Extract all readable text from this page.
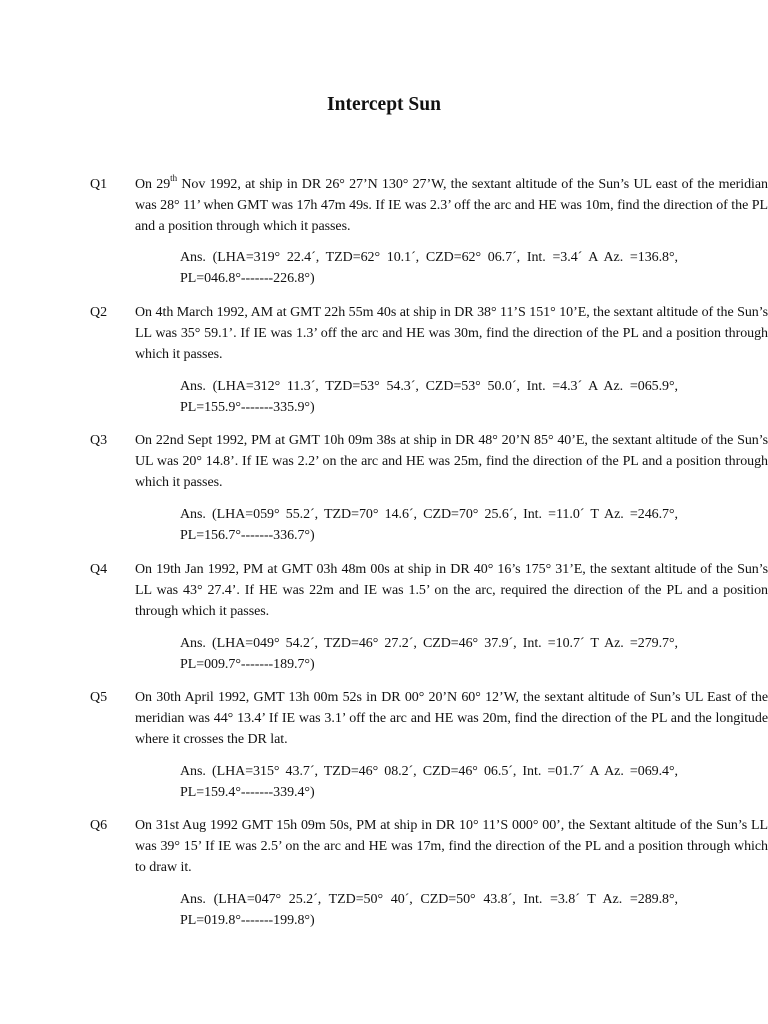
Intercept Sun
Q1 On 29th Nov 1992, at ship in DR 26° 27’N 130° 27’W, the sextant altitude of the Sun’s UL east of the meridian was 28° 11’ when GMT was 17h 47m 49s. If IE was 2.3’ off the arc and HE was 10m, find the direction of the PL and a position through which it passes.
Ans. (LHA=319° 22.4´, TZD=62° 10.1´, CZD=62° 06.7´, Int. =3.4´ A Az. =136.8°, PL=046.8°-------226.8°)
Q2 On 4th March 1992, AM at GMT 22h 55m 40s at ship in DR 38° 11’S 151° 10’E, the sextant altitude of the Sun’s LL was 35° 59.1’. If IE was 1.3’ off the arc and HE was 30m, find the direction of the PL and a position through which it passes.
Ans. (LHA=312° 11.3´, TZD=53° 54.3´, CZD=53° 50.0´, Int. =4.3´ A Az. =065.9°, PL=155.9°-------335.9°)
Q3 On 22nd Sept 1992, PM at GMT 10h 09m 38s at ship in DR 48° 20’N 85° 40’E, the sextant altitude of the Sun’s UL was 20° 14.8’. If IE was 2.2’ on the arc and HE was 25m, find the direction of the PL and a position through which it passes.
Ans. (LHA=059° 55.2´, TZD=70° 14.6´, CZD=70° 25.6´, Int. =11.0´ T Az. =246.7°, PL=156.7°-------336.7°)
Q4 On 19th Jan 1992, PM at GMT 03h 48m 00s at ship in DR 40° 16’s 175° 31’E, the sextant altitude of the Sun’s LL was 43° 27.4’. If HE was 22m and IE was 1.5’ on the arc, required the direction of the PL and a position through which it passes.
Ans. (LHA=049° 54.2´, TZD=46° 27.2´, CZD=46° 37.9´, Int. =10.7´ T Az. =279.7°, PL=009.7°-------189.7°)
Q5 On 30th April 1992, GMT 13h 00m 52s in DR 00° 20’N 60° 12’W, the sextant altitude of Sun’s UL East of the meridian was 44° 13.4’ If IE was 3.1’ off the arc and HE was 20m, find the direction of the PL and the longitude where it crosses the DR lat.
Ans. (LHA=315° 43.7´, TZD=46° 08.2´, CZD=46° 06.5´, Int. =01.7´ A Az. =069.4°, PL=159.4°-------339.4°)
Q6 On 31st Aug 1992 GMT 15h 09m 50s, PM at ship in DR 10° 11’S 000° 00’, the Sextant altitude of the Sun’s LL was 39° 15’ If IE was 2.5’ on the arc and HE was 17m, find the direction of the PL and a position through which to draw it.
Ans. (LHA=047° 25.2´, TZD=50° 40´, CZD=50° 43.8´, Int. =3.8´ T Az. =289.8°, PL=019.8°-------199.8°)
